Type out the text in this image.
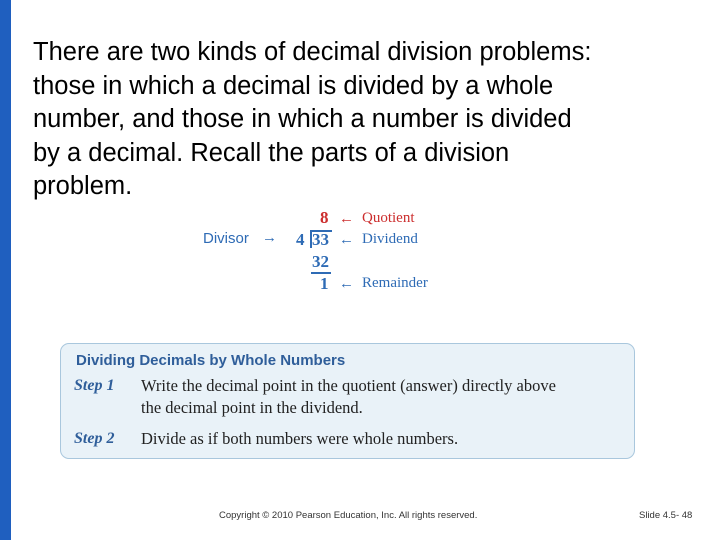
There are two kinds of decimal division problems:
those in which a decimal is divided by a whole
number, and those in which a number is divided
by a decimal. Recall the parts of a division
problem.

Divisor → 4
8
33
32
1
← Quotient
← Dividend
← Remainder
Dividing Decimals by Whole Numbers
Step 1 Write the decimal point in the quotient (answer) directly above
the decimal point in the dividend.
Step 2 Divide as if both numbers were whole numbers.
Copyright © 2010 Pearson Education, Inc. All rights reserved.	Slide 4.5- 48
